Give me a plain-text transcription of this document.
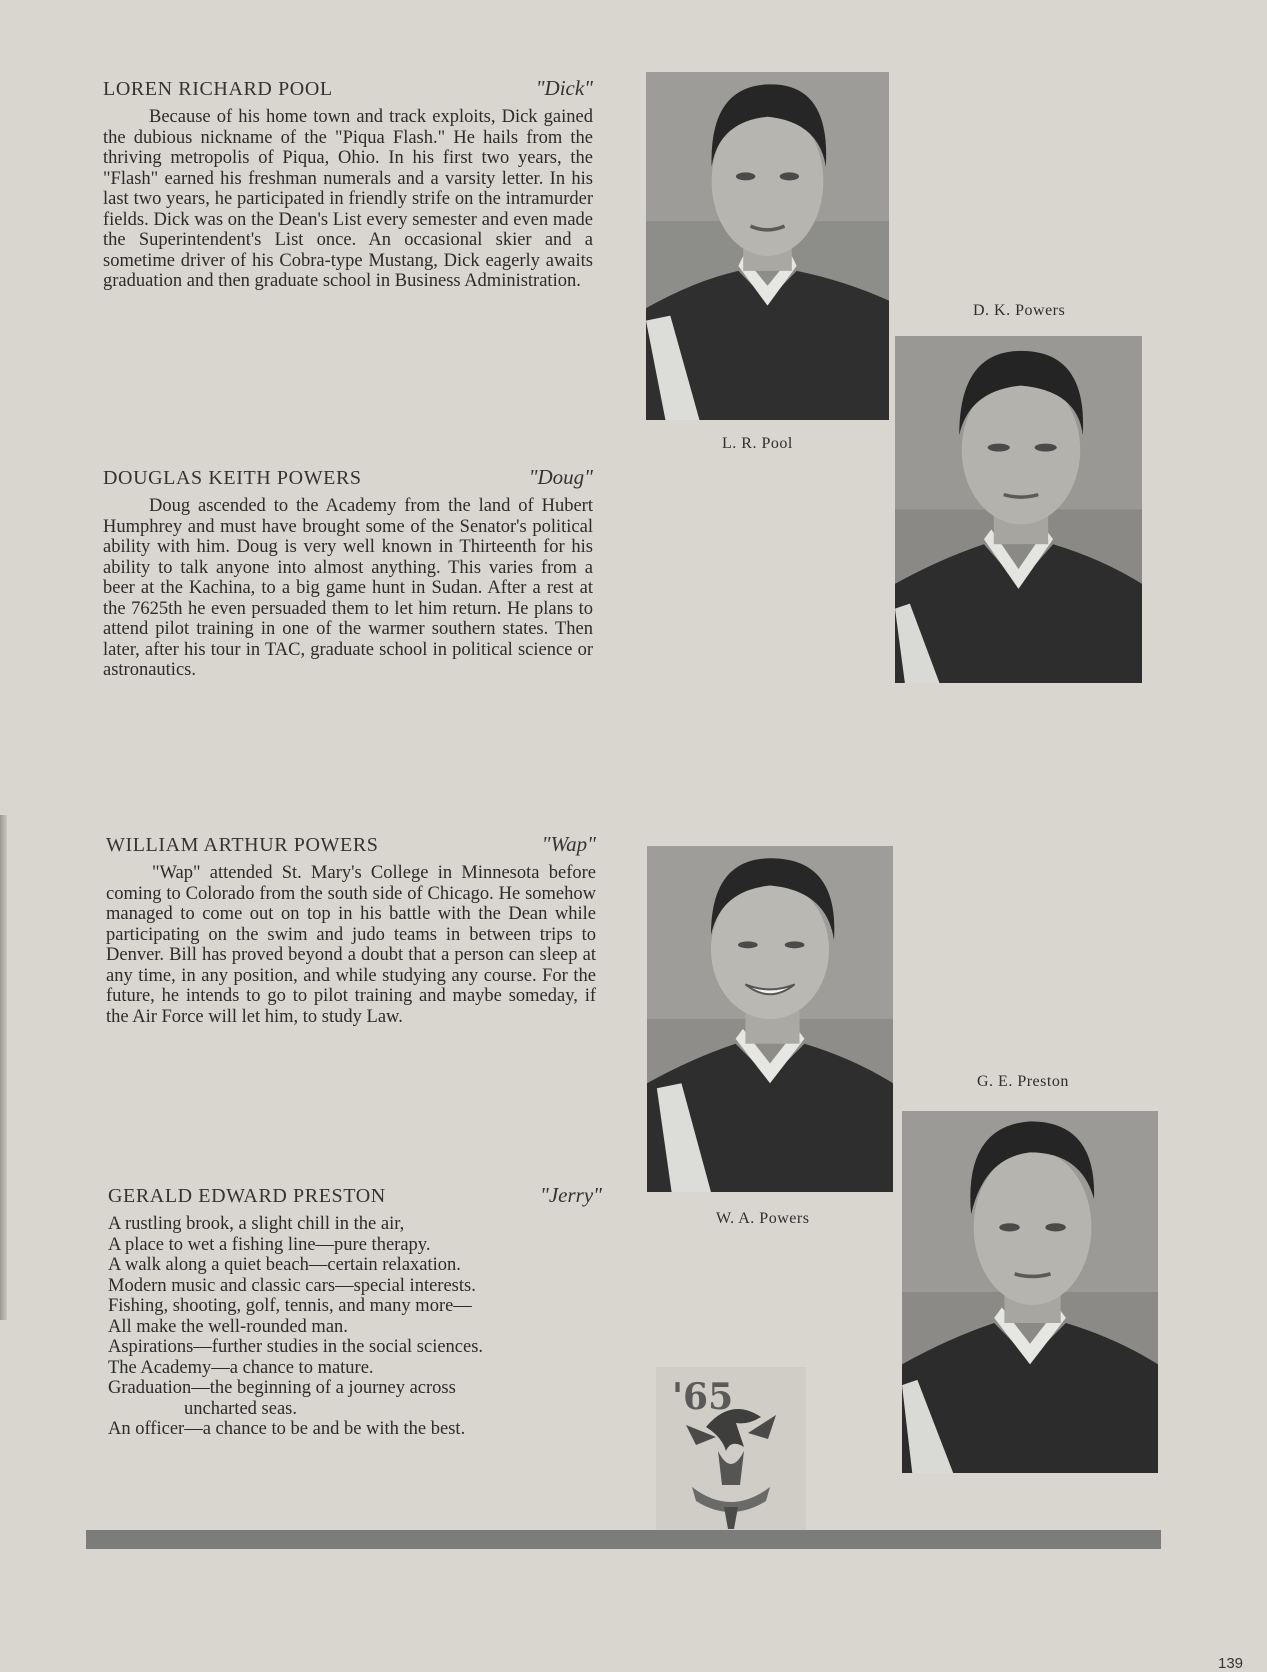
LOREN RICHARD POOL	"Dick"

Because of his home town and track exploits, Dick gained the dubious nickname of the "Piqua Flash." He hails from the thriving metropolis of Piqua, Ohio. In his first two years, the "Flash" earned his freshman numerals and a varsity letter. In his last two years, he participated in friendly strife on the intramurder fields. Dick was on the Dean's List every semester and even made the Superintendent's List once. An occasional skier and a sometime driver of his Cobra-type Mustang, Dick eagerly awaits graduation and then graduate school in Business Administration.

DOUGLAS KEITH POWERS	"Doug"

Doug ascended to the Academy from the land of Hubert Humphrey and must have brought some of the Senator's political ability with him. Doug is very well known in Thirteenth for his ability to talk anyone into almost anything. This varies from a beer at the Kachina, to a big game hunt in Sudan. After a rest at the 7625th he even persuaded them to let him return. He plans to attend pilot training in one of the warmer southern states. Then later, after his tour in TAC, graduate school in political science or astronautics.

WILLIAM ARTHUR POWERS	"Wap"

"Wap" attended St. Mary's College in Minnesota before coming to Colorado from the south side of Chicago. He somehow managed to come out on top in his battle with the Dean while participating on the swim and judo teams in between trips to Denver. Bill has proved beyond a doubt that a person can sleep at any time, in any position, and while studying any course. For the future, he intends to go to pilot training and maybe someday, if the Air Force will let him, to study Law.

GERALD EDWARD PRESTON	"Jerry"
A rustling brook, a slight chill in the air,
A place to wet a fishing line—pure therapy.
A walk along a quiet beach—certain relaxation.
Modern music and classic cars—special interests.
Fishing, shooting, golf, tennis, and many more—
All make the well-rounded man.
Aspirations—further studies in the social sciences.
The Academy—a chance to mature.
Graduation—the beginning of a journey across
uncharted seas.
An officer—a chance to be and be with the best.
L. R. Pool
D. K. Powers
W. A. Powers
G. E. Preston
'65
139
